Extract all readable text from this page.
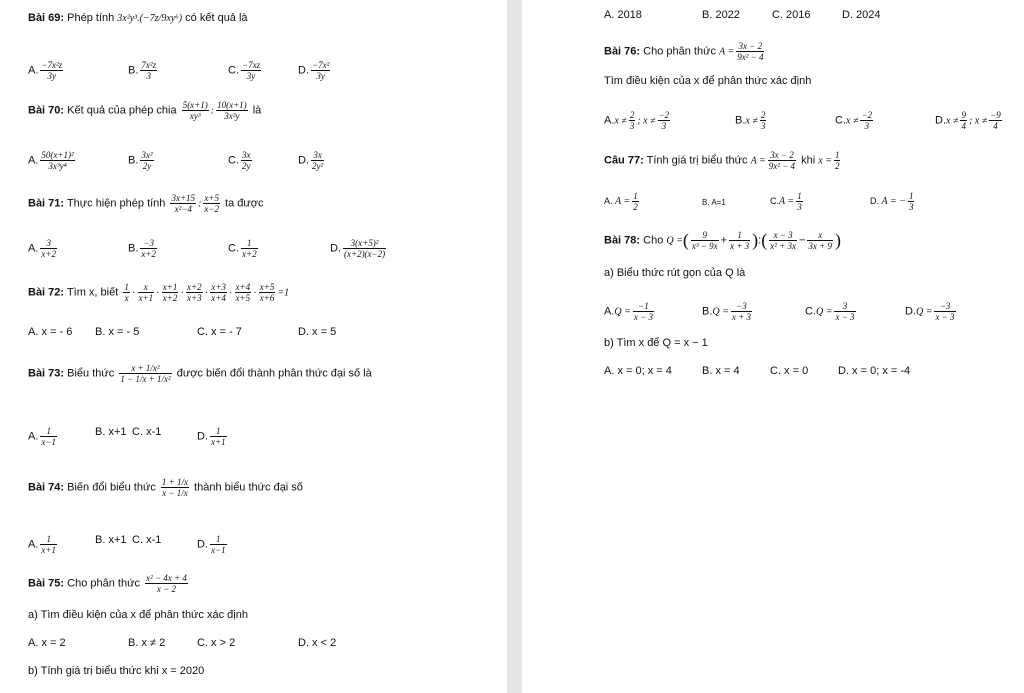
Bài 69: Phép tính 3x²y³.(−7z/9xy⁶) có kết quả là
A. $\frac{\text{−7x²z}}{3y}$	B. $\frac{\text{7x²z}}{3}$	C. $\frac{-7xz}{3y}$	D. $\frac{\text{−7x²}}{3y}$
Bài 70: Kết quả của phép chia $\frac{5(x+1)}{\text{xy³}}$ : $\frac{10(x+1)}{\text{3x²y}}$ là
A. $\frac{\text{50(x+1)²}}{\text{3x³y⁴}}$	B. $\frac{\text{3x²}}{2y}$	C. $\frac{3x}{2y}$	D. $\frac{3x}{\text{2y²}}$
Bài 71: Thực hiện phép tính $\frac{3x+15}{\text{x²−4}}$ : $\frac{x+5}{x-2}$ ta được
A. $\frac{3}{x+2}$	B. $\frac{-3}{x+2}$	C. $\frac{1}{x+2}$	D. $\frac{\text{3(x+5)²}}{(x+2)(x-2)}$
Bài 72: Tìm x, biết $\frac{1}{x} \cdot \frac{x}{x+1} \cdot \frac{x+1}{x+2} \cdot \frac{x+2}{x+3} \cdot \frac{x+3}{x+4} \cdot \frac{x+4}{x+5} \cdot \frac{x+5}{x+6} =1$
A. x = - 6 B. x = - 5	C. x = - 7	D. x = 5
Bài 73: Biểu thức $\frac{\text{x + 1/x²}}{\text{1 − 1/x + 1/x²}}$ được biến đổi thành phân thức đại số là
A. $\frac{1}{x-1}$	B. x+1 C. x-1	D. $\frac{1}{x+1}$
Bài 74: Biến đổi biểu thức $\frac{1 + 1/x}{x - 1/x}$ thành biểu thức đại số
A. $\frac{1}{x+1}$	B. x+1 C. x-1	D. $\frac{1}{x-1}$
Bài 75: Cho phân thức $\frac{\text{x² − 4x + 4}}{x - 2}$
a) Tìm điều kiện của x để phân thức xác định
A. x = 2	B. x ≠ 2	C. x > 2	D. x < 2
b) Tính giá trị biểu thức khi x = 2020
A. 2018	B. 2022	C. 2016	D. 2024
Bài 76: Cho phân thức $A = \frac{3x - 2}{\text{9x² − 4}}$
Tìm điều kiện của x để phân thức xác định
$A.x \ne \frac{2}{3}$ ; $x \ne \frac{-2}{3}$	$B.x \ne \frac{2}{3}$	$C.x \ne \frac{-2}{3}$	$D.x \ne \frac{9}{4}$ ; $x \ne \frac{-9}{4}$
Câu 77: Tính giá trị biểu thức $A = \frac{3x - 2}{\text{9x² − 4}}$ khi $x = \frac{1}{2}$
A. $A = \frac{1}{2}$	B. A=1	$C.A = \frac{1}{3}$	D. A = − $\frac{1}{3}$
Bài 78: Cho Q =( $\frac{9}{\text{x³ − 9x}} + \frac{1}{x + 3}$ ):( $\frac{x - 3}{\text{x² + 3x}} - \frac{x}{3x + 9}$ )
a) Biểu thức rút gọn của Q là
$A.Q = \frac{-1}{x - 3}$	$B.Q = \frac{-3}{x + 3}$	$C.Q = \frac{3}{x - 3}$	$D.Q = \frac{-3}{x - 3}$
b) Tìm x để Q = x − 1
A. x = 0; x = 4	B. x = 4	C. x = 0	D. x = 0; x = -4
